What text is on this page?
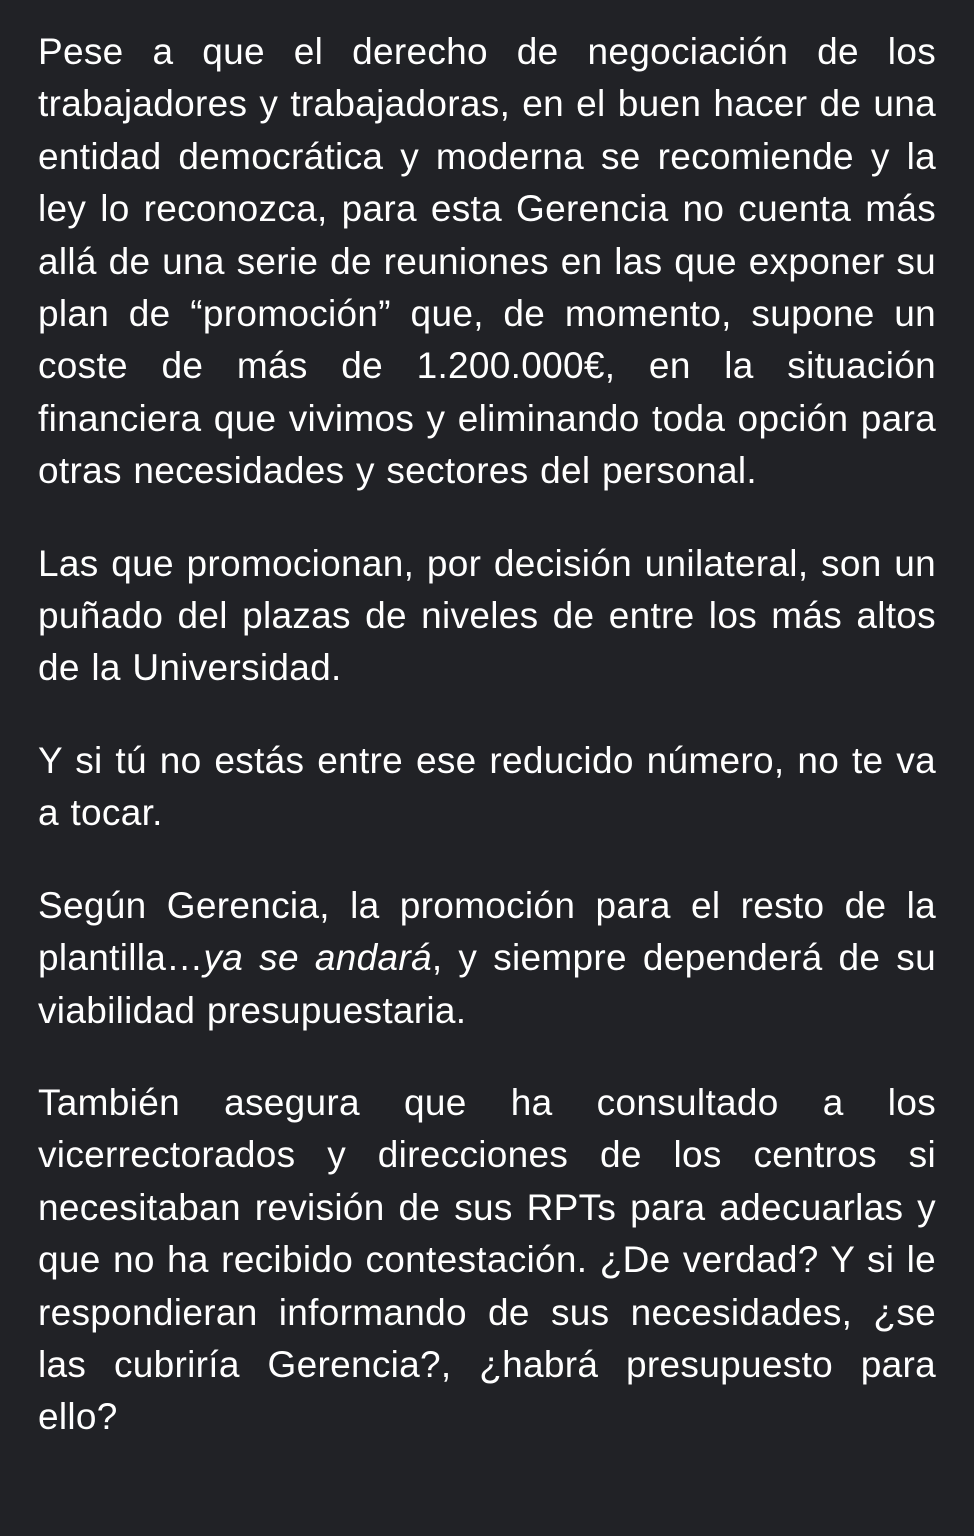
Pese a que el derecho de negociación de los trabajadores y trabajadoras, en el buen hacer de una entidad democrática y moderna se recomiende y la ley lo reconozca, para esta Gerencia no cuenta más allá de una serie de reuniones en las que exponer su plan de “promoción” que, de momento, supone un coste de más de 1.200.000€, en la situación financiera que vivimos y eliminando toda opción para otras necesidades y sectores del personal.

Las que promocionan, por decisión unilateral, son un puñado del plazas de niveles de entre los más altos de la Universidad.

Y si tú no estás entre ese reducido número, no te va a tocar.

Según Gerencia, la promoción para el resto de la plantilla…ya se andará, y siempre dependerá de su viabilidad presupuestaria.

También asegura que ha consultado a los vicerrectorados y direcciones de los centros si necesitaban revisión de sus RPTs para adecuarlas y que no ha recibido contestación. ¿De verdad? Y si le respondieran informando de sus necesidades, ¿se las cubriría Gerencia?, ¿habrá presupuesto para ello?
